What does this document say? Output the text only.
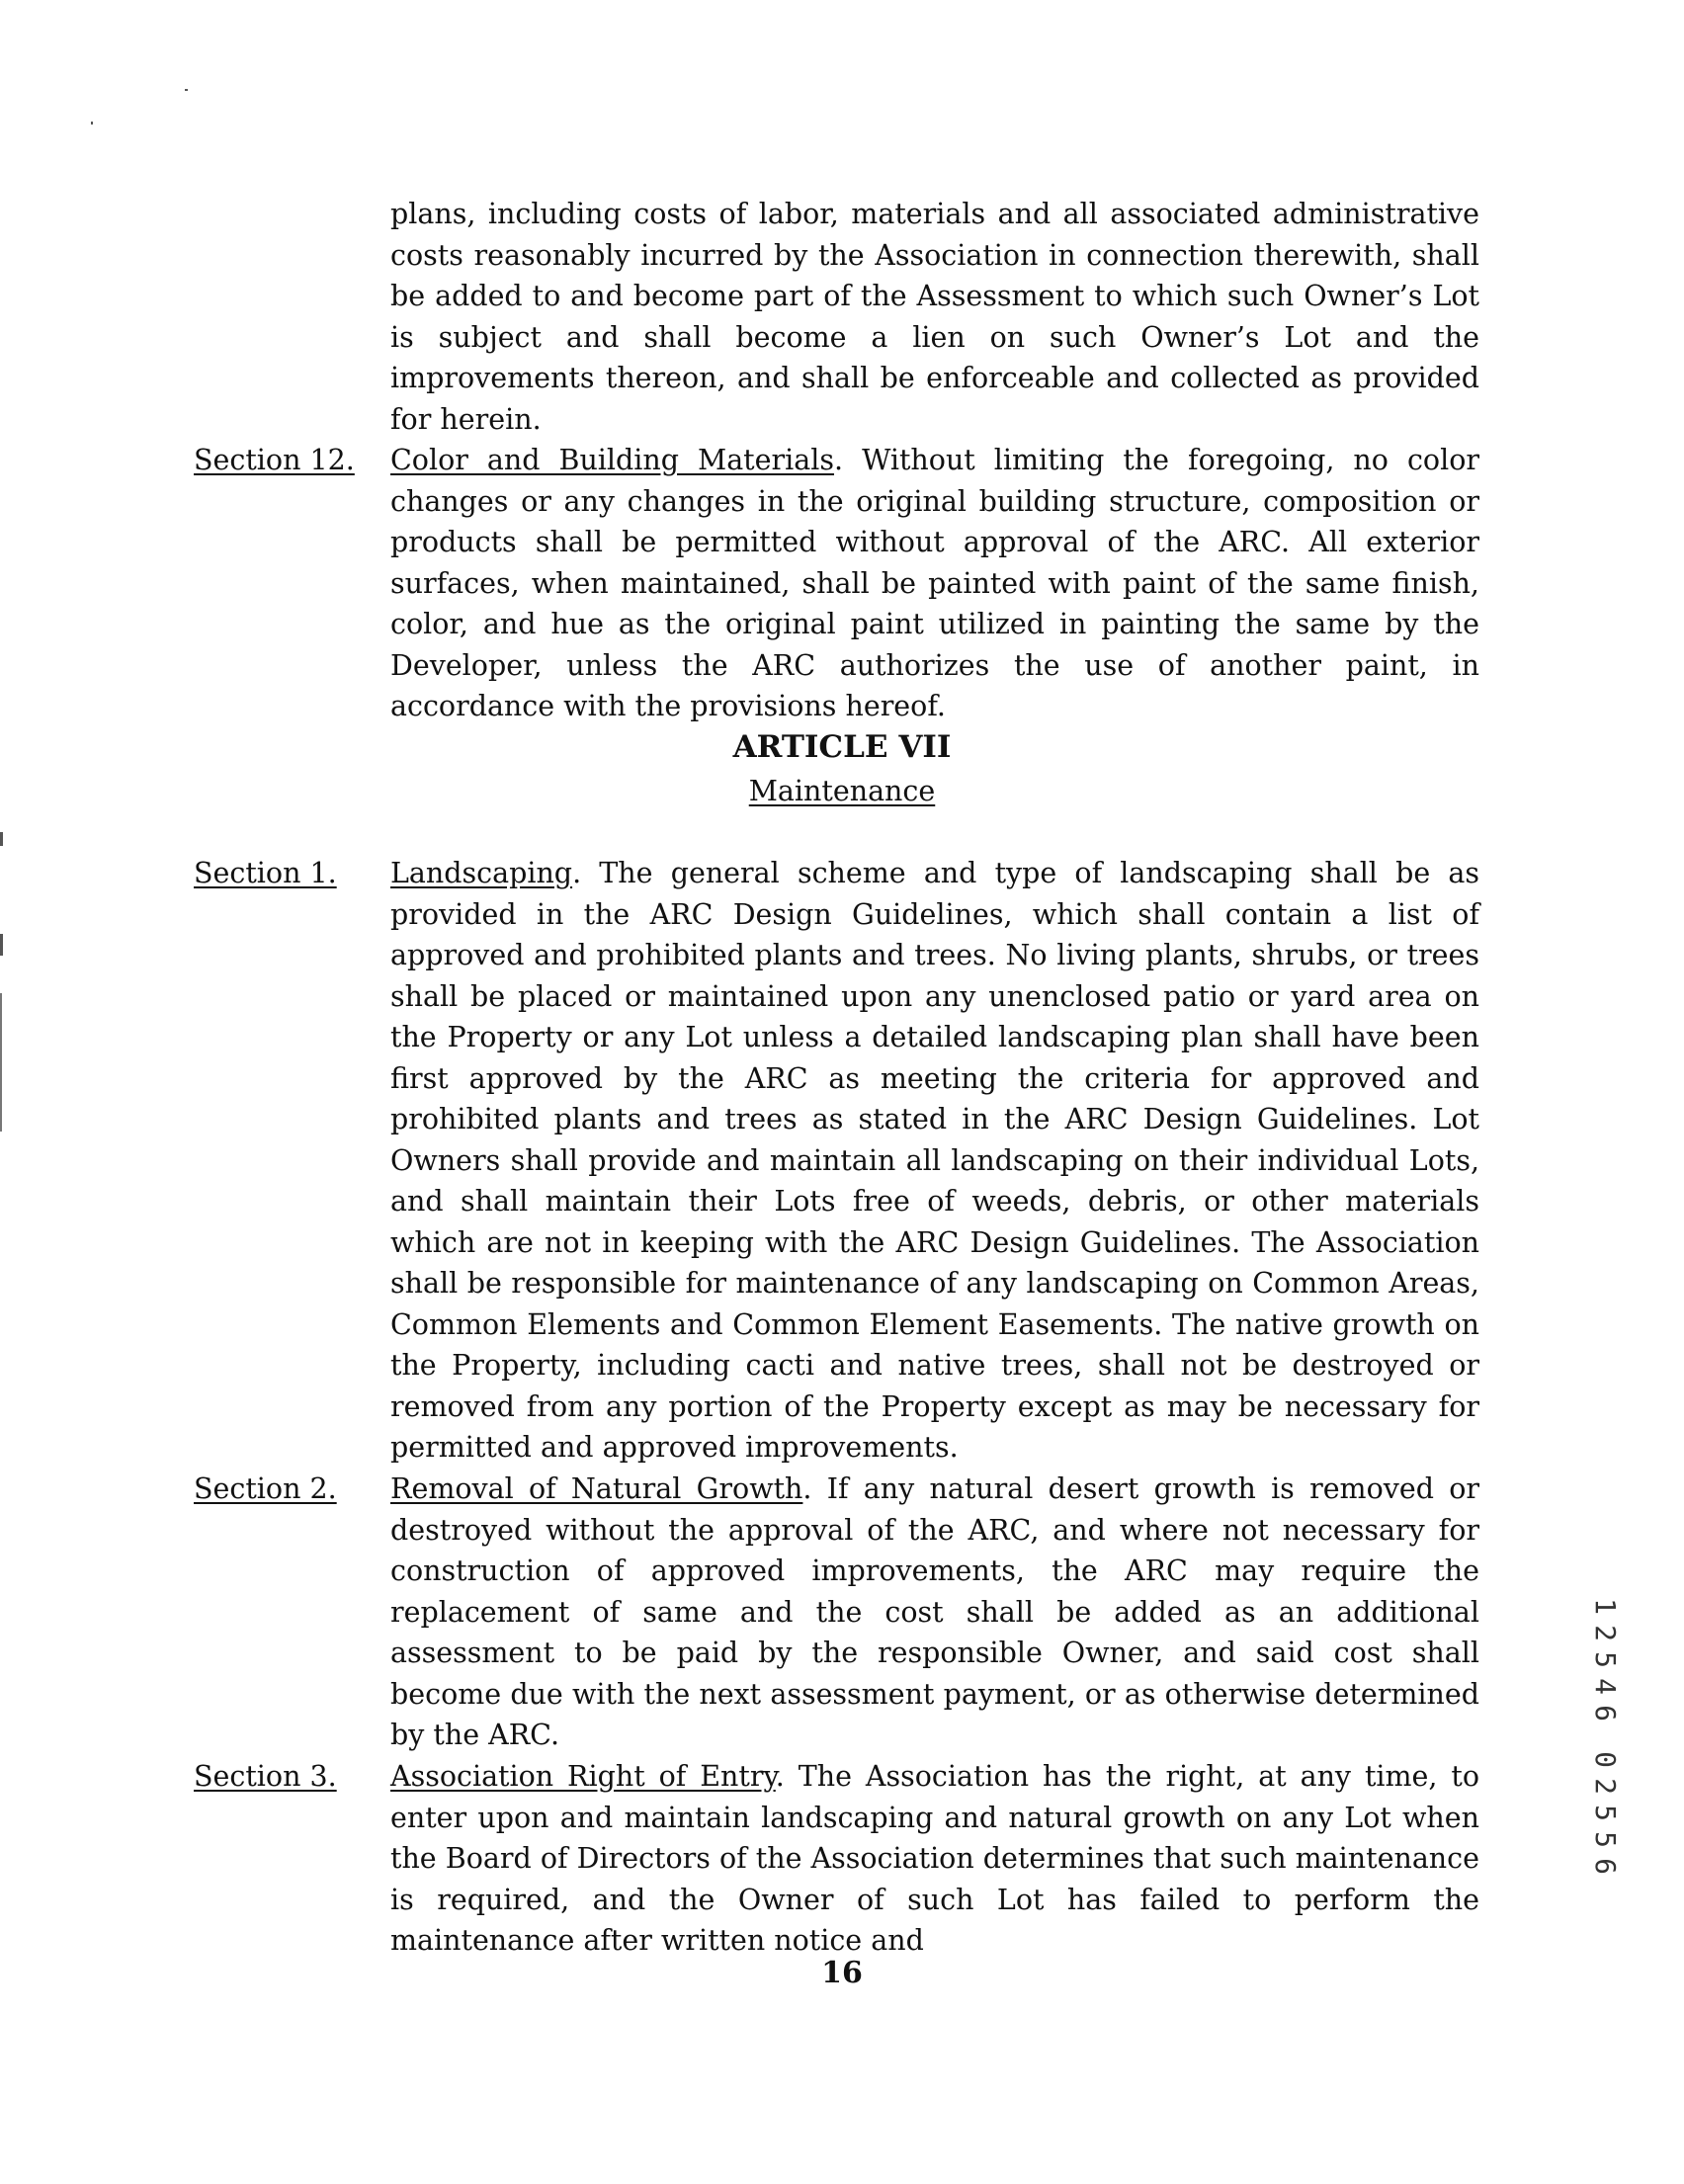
plans, including costs of labor, materials and all associated administrative costs reasonably incurred by the Association in connection therewith, shall be added to and become part of the Assessment to which such Owner’s Lot is subject and shall become a lien on such Owner’s Lot and the improvements thereon, and shall be enforceable and collected as provided for herein.

Section 12. Color and Building Materials. Without limiting the foregoing, no color changes or any changes in the original building structure, composition or products shall be permitted without approval of the ARC. All exterior surfaces, when maintained, shall be painted with paint of the same finish, color, and hue as the original paint utilized in painting the same by the Developer, unless the ARC authorizes the use of another paint, in accordance with the provisions hereof.

ARTICLE VII
Maintenance
Section 1. Landscaping. The general scheme and type of landscaping shall be as provided in the ARC Design Guidelines, which shall contain a list of approved and prohibited plants and trees. No living plants, shrubs, or trees shall be placed or maintained upon any unenclosed patio or yard area on the Property or any Lot unless a detailed landscaping plan shall have been first approved by the ARC as meeting the criteria for approved and prohibited plants and trees as stated in the ARC Design Guidelines. Lot Owners shall provide and maintain all landscaping on their individual Lots, and shall maintain their Lots free of weeds, debris, or other materials which are not in keeping with the ARC Design Guidelines. The Association shall be responsible for maintenance of any landscaping on Common Areas, Common Elements and Common Element Easements. The native growth on the Property, including cacti and native trees, shall not be destroyed or removed from any portion of the Property except as may be necessary for permitted and approved improvements.

Section 2. Removal of Natural Growth. If any natural desert growth is removed or destroyed without the approval of the ARC, and where not necessary for construction of approved improvements, the ARC may require the replacement of same and the cost shall be added as an additional assessment to be paid by the responsible Owner, and said cost shall become due with the next assessment payment, or as otherwise determined by the ARC.

Section 3. Association Right of Entry. The Association has the right, at any time, to enter upon and maintain landscaping and natural growth on any Lot when the Board of Directors of the Association determines that such maintenance is required, and the Owner of such Lot has failed to perform the maintenance after written notice and

16
1
2
5
4
6
0
2
5
5
6
